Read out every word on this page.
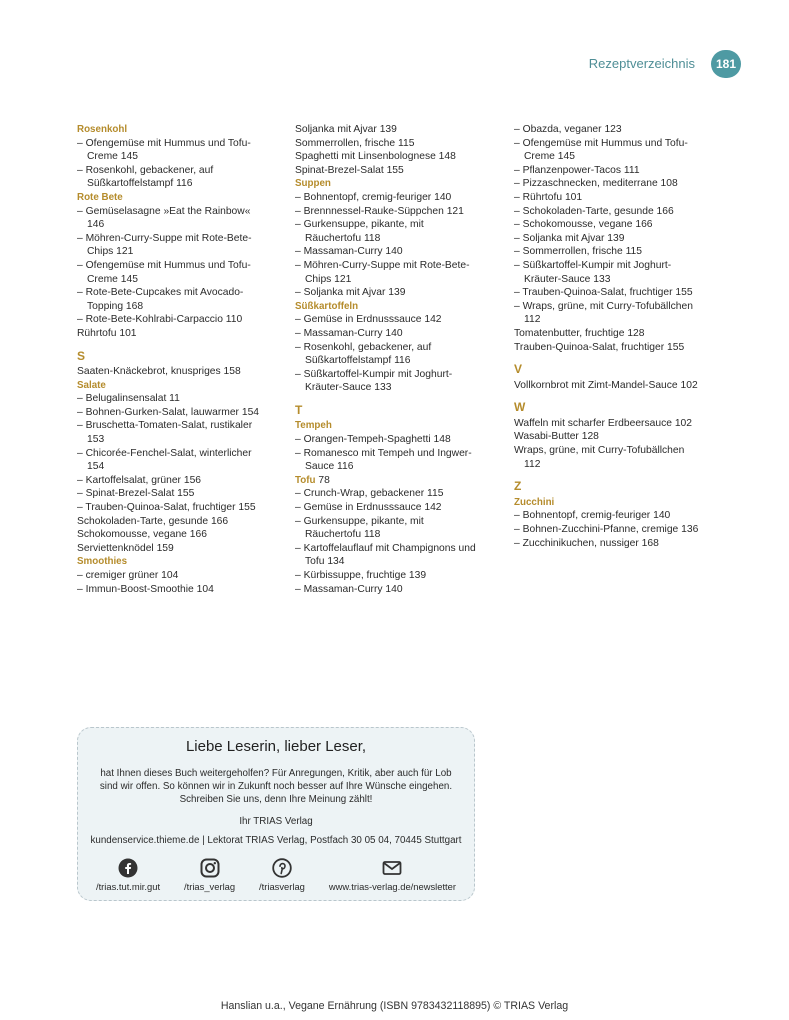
Rezeptverzeichnis	181
Rosenkohl
– Ofengemüse mit Hummus und Tofu-
Creme 145
– Rosenkohl, gebackener, auf
Süßkartoffelstampf 116
Rote Bete
– Gemüselasagne »Eat the Rainbow«
146
– Möhren-Curry-Suppe mit Rote-Bete-
Chips 121
– Ofengemüse mit Hummus und Tofu-
Creme 145
– Rote-Bete-Cupcakes mit Avocado-
Topping 168
– Rote-Bete-Kohlrabi-Carpaccio 110
Rührtofu 101
S
Saaten-Knäckebrot, knuspriges 158
Salate
– Belugalinsensalat 11
– Bohnen-Gurken-Salat, lauwarmer 154
– Bruschetta-Tomaten-Salat, rustikaler
153
– Chicorée-Fenchel-Salat, winterlicher
154
– Kartoffelsalat, grüner 156
– Spinat-Brezel-Salat 155
– Trauben-Quinoa-Salat, fruchtiger 155
Schokoladen-Tarte, gesunde 166
Schokomousse, vegane 166
Serviettenknödel 159
Smoothies
– cremiger grüner 104
– Immun-Boost-Smoothie 104
Soljanka mit Ajvar 139
Sommerrollen, frische 115
Spaghetti mit Linsenbolognese 148
Spinat-Brezel-Salat 155
Suppen
– Bohnentopf, cremig-feuriger 140
– Brennnessel-Rauke-Süppchen 121
– Gurkensuppe, pikante, mit
Räuchertofu 118
– Massaman-Curry 140
– Möhren-Curry-Suppe mit Rote-Bete-
Chips 121
– Soljanka mit Ajvar 139
Süßkartoffeln
– Gemüse in Erdnusssauce 142
– Massaman-Curry 140
– Rosenkohl, gebackener, auf
Süßkartoffelstampf 116
– Süßkartoffel-Kumpir mit Joghurt-
Kräuter-Sauce 133
T
Tempeh
– Orangen-Tempeh-Spaghetti 148
– Romanesco mit Tempeh und Ingwer-
Sauce 116
Tofu 78
– Crunch-Wrap, gebackener 115
– Gemüse in Erdnusssauce 142
– Gurkensuppe, pikante, mit
Räuchertofu 118
– Kartoffelauflauf mit Champignons und
Tofu 134
– Kürbissuppe, fruchtige 139
– Massaman-Curry 140
– Obazda, veganer 123
– Ofengemüse mit Hummus und Tofu-
Creme 145
– Pflanzenpower-Tacos 111
– Pizzaschnecken, mediterrane 108
– Rührtofu 101
– Schokoladen-Tarte, gesunde 166
– Schokomousse, vegane 166
– Soljanka mit Ajvar 139
– Sommerrollen, frische 115
– Süßkartoffel-Kumpir mit Joghurt-
Kräuter-Sauce 133
– Trauben-Quinoa-Salat, fruchtiger 155
– Wraps, grüne, mit Curry-Tofubällchen
112
Tomatenbutter, fruchtige 128
Trauben-Quinoa-Salat, fruchtiger 155
V
Vollkornbrot mit Zimt-Mandel-Sauce 102
W
Waffeln mit scharfer Erdbeersauce 102
Wasabi-Butter 128
Wraps, grüne, mit Curry-Tofubällchen
112
Z
Zucchini
– Bohnentopf, cremig-feuriger 140
– Bohnen-Zucchini-Pfanne, cremige 136
– Zucchinikuchen, nussiger 168
Liebe Leserin, lieber Leser,
hat Ihnen dieses Buch weitergeholfen? Für Anregungen, Kritik, aber auch für Lob
sind wir offen. So können wir in Zukunft noch besser auf Ihre Wünsche eingehen.
Schreiben Sie uns, denn Ihre Meinung zählt!
Ihr TRIAS Verlag
kundenservice.thieme.de | Lektorat TRIAS Verlag, Postfach 30 05 04, 70445 Stuttgart
/trias.tut.mir.gut	/trias_verlag	/triasverlag	www.trias-verlag.de/newsletter
Hanslian u.a., Vegane Ernährung (ISBN 9783432118895) © TRIAS Verlag
